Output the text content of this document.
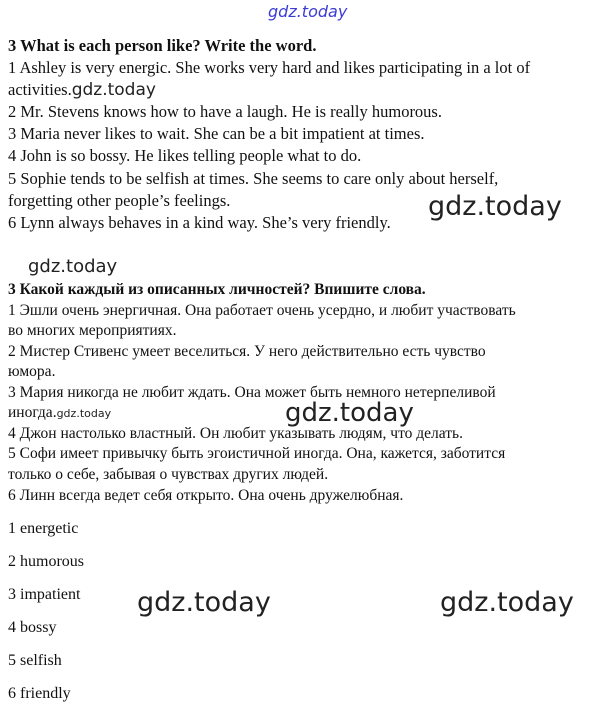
gdz.today
3 What is each person like? Write the word.
1 Ashley is very energic. She works very hard and likes participating in a lot of
activities.gdz.today
2 Mr. Stevens knows how to have a laugh. He is really humorous.
3 Maria never likes to wait. She can be a bit impatient at times.
4 John is so bossy. He likes telling people what to do.
5 Sophie tends to be selfish at times. She seems to care only about herself,
forgetting other people’s feelings.
6 Lynn always behaves in a kind way. She’s very friendly.
gdz.today
gdz.today
3 Какой каждый из описанных личностей? Впишите слова.
1 Эшли очень энергичная. Она работает очень усердно, и любит участвовать
во многих мероприятиях.
2 Мистер Стивенс умеет веселиться. У него действительно есть чувство
юмора.
3 Мария никогда не любит ждать. Она может быть немного нетерпеливой
иногда.gdz.today	gdz.today
4 Джон настолько властный. Он любит указывать людям, что делать.
5 Софи имеет привычку быть эгоистичной иногда. Она, кажется, заботится
только о себе, забывая о чувствах других людей.
6 Линн всегда ведет себя открыто. Она очень дружелюбная.
1 energetic
2 humorous
3 impatient
4 bossy
5 selfish
6 friendly
gdz.today	gdz.today
